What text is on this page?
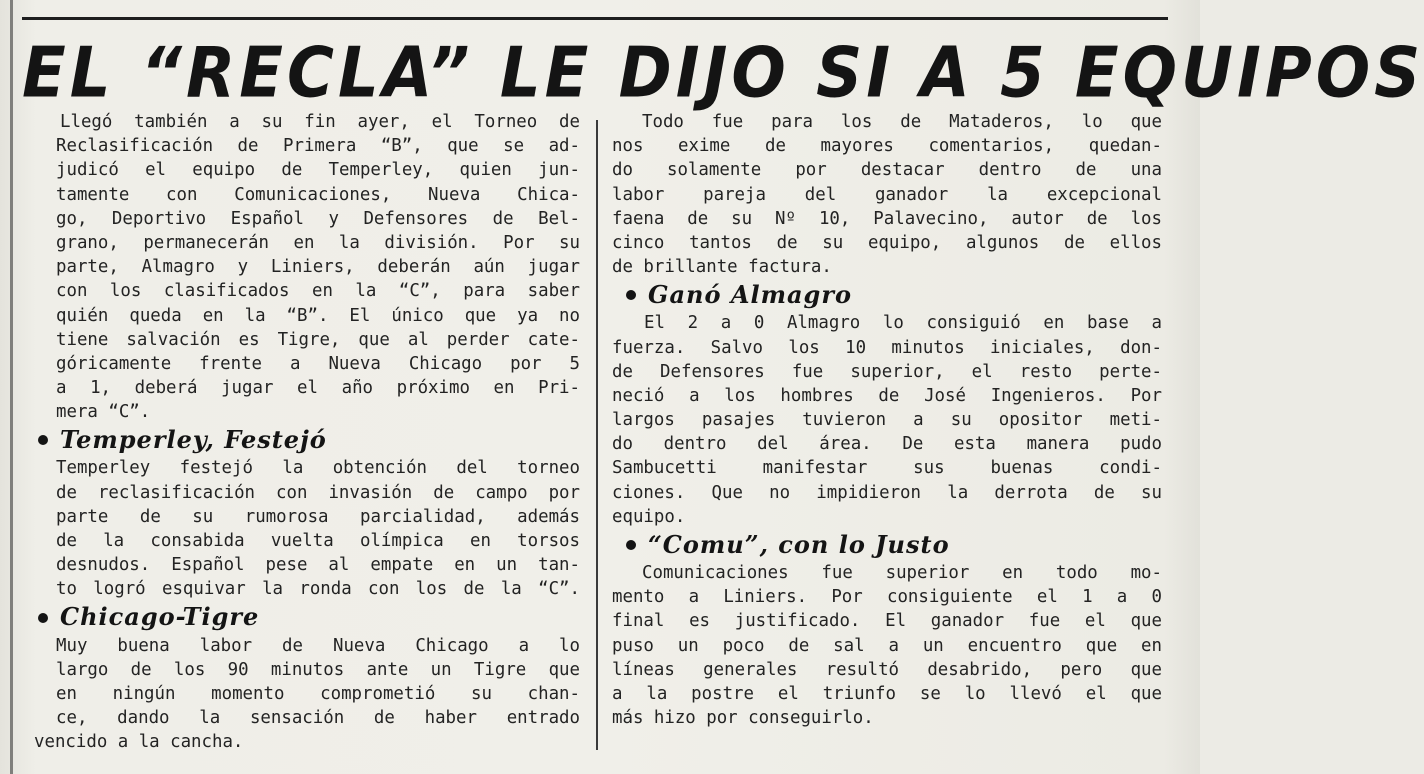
EL “RECLA” LE DIJO SI A 5 EQUIPOS
Llegó también a su fin ayer, el Torneo de
Reclasificación de Primera “B”, que se ad-
judicó el equipo de Temperley, quien jun-
tamente con Comunicaciones, Nueva Chica-
go, Deportivo Español y Defensores de Bel-
grano, permanecerán en la división. Por su
parte, Almagro y Liniers, deberán aún jugar
con los clasificados en la “C”, para saber
quién queda en la “B”. El único que ya no
tiene salvación es Tigre, que al perder cate-
góricamente frente a Nueva Chicago por 5
a 1, deberá jugar el año próximo en Pri-
mera “C”.
Temperley, Festejó
Temperley festejó la obtención del torneo
de reclasificación con invasión de campo por
parte de su rumorosa parcialidad, además
de la consabida vuelta olímpica en torsos
desnudos. Español pese al empate en un tan-
to logró esquivar la ronda con los de la “C”.
Chicago-Tigre
Muy buena labor de Nueva Chicago a lo
largo de los 90 minutos ante un Tigre que
en ningún momento comprometió su chan-
ce, dando la sensación de haber entrado
vencido a la cancha.
Todo fue para los de Mataderos, lo que
nos exime de mayores comentarios, quedan-
do solamente por destacar dentro de una
labor pareja del ganador la excepcional
faena de su Nº 10, Palavecino, autor de los
cinco tantos de su equipo, algunos de ellos
de brillante factura.
Ganó Almagro
El 2 a 0 Almagro lo consiguió en base a
fuerza. Salvo los 10 minutos iniciales, don-
de Defensores fue superior, el resto perte-
neció a los hombres de José Ingenieros. Por
largos pasajes tuvieron a su opositor meti-
do dentro del área. De esta manera pudo
Sambucetti manifestar sus buenas condi-
ciones. Que no impidieron la derrota de su
equipo.
“Comu”, con lo Justo
Comunicaciones fue superior en todo mo-
mento a Liniers. Por consiguiente el 1 a 0
final es justificado. El ganador fue el que
puso un poco de sal a un encuentro que en
líneas generales resultó desabrido, pero que
a la postre el triunfo se lo llevó el que
más hizo por conseguirlo.
